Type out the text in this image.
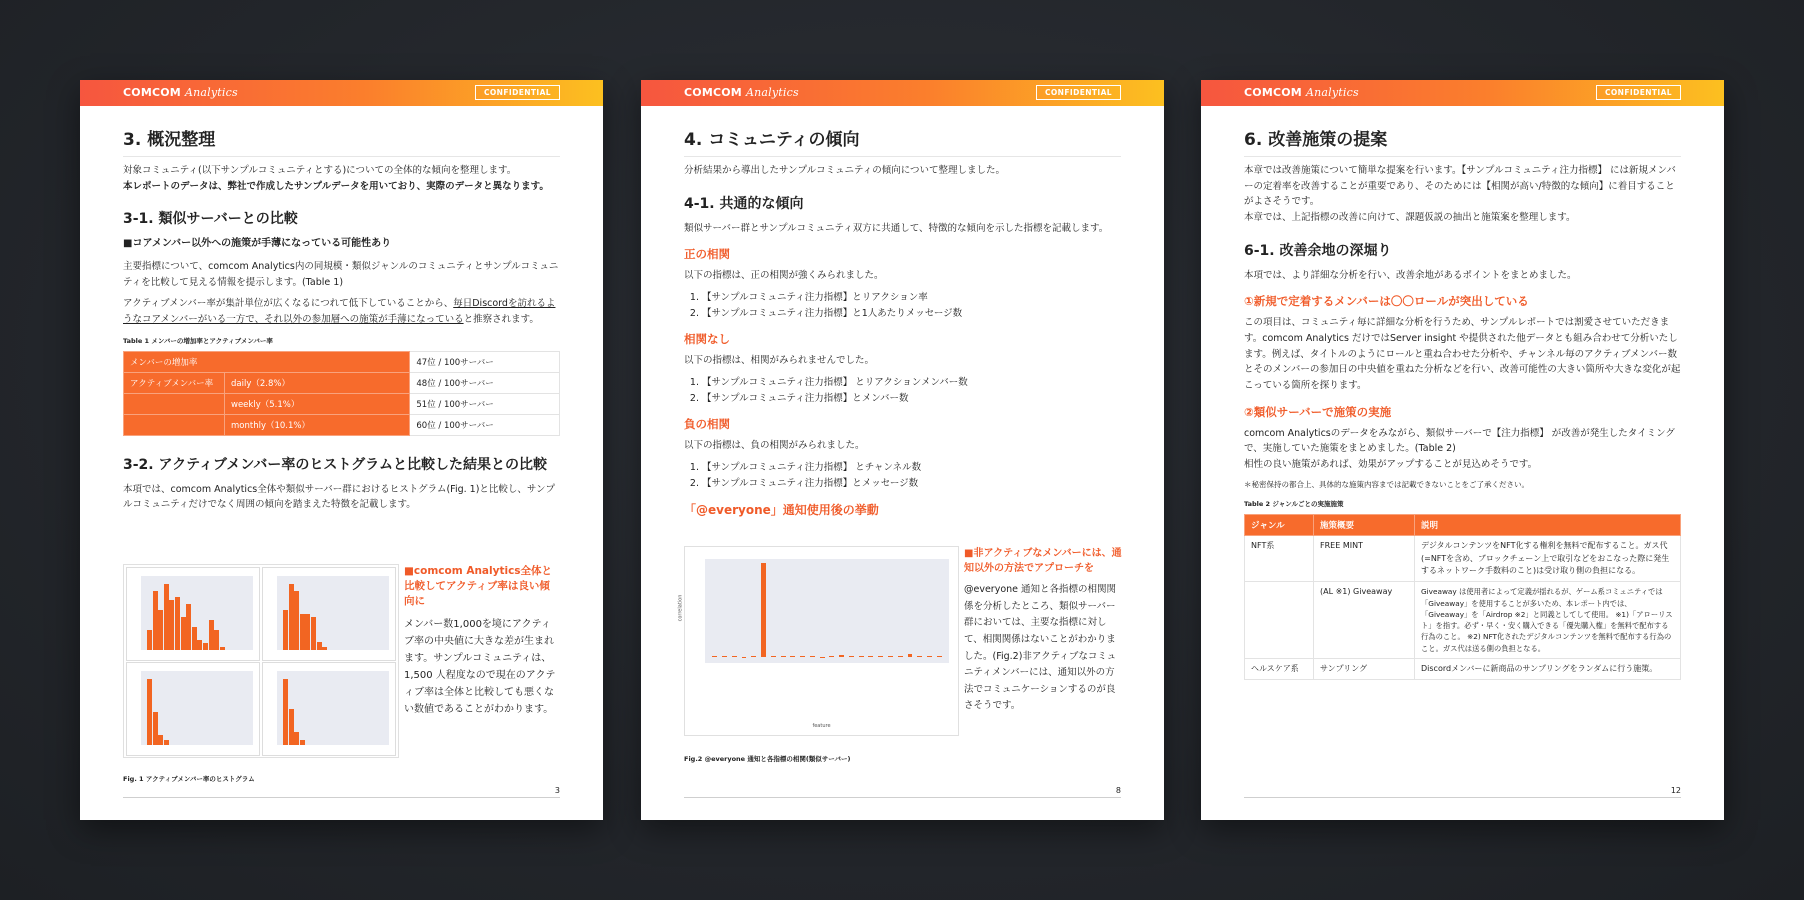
COMCOM Analytics	CONFIDENTIAL
3. 概況整理

対象コミュニティ(以下サンプルコミュニティとする)についての全体的な傾向を整理します。
本レポートのデータは、弊社で作成したサンプルデータを用いており、実際のデータと異なります。

3-1. 類似サーバーとの比較

■コアメンバー以外への施策が手薄になっている可能性あり

主要指標について、comcom Analytics内の同規模・類似ジャンルのコミュニティとサンプルコミュニティを比較して見える情報を提示します。(Table 1)

アクティブメンバー率が集計単位が広くなるにつれて低下していることから、毎日Discordを訪れるようなコアメンバーがいる一方で、それ以外の参加層への施策が手薄になっていると推察されます。

Table 1 メンバーの増加率とアクティブメンバー率
メンバーの増加率		47位 / 100サーバー
アクティブメンバー率	daily（2.8%）	48位 / 100サーバー
	weekly（5.1%）	51位 / 100サーバー
	monthly（10.1%）	60位 / 100サーバー
3-2. アクティブメンバー率のヒストグラムと比較した結果との比較

本項では、comcom Analytics全体や類似サーバー群におけるヒストグラム(Fig. 1)と比較し、サンプルコミュニティだけでなく周囲の傾向を踏まえた特徴を記載します。

■comcom Analytics全体と比較してアクティブ率は良い傾向に

メンバー数1,000を境にアクティブ率の中央値に大きな差が生まれます。サンプルコミュニティは、1,500 人程度なので現在のアクティブ率は全体と比較しても悪くない数値であることがわかります。

Fig. 1 アクティブメンバー率のヒストグラム
3
COMCOM Analytics	CONFIDENTIAL
4. コミュニティの傾向

分析結果から導出したサンプルコミュニティの傾向について整理しました。

4-1. 共通的な傾向

類似サーバー群とサンプルコミュニティ双方に共通して、特徴的な傾向を示した指標を記載します。

正の相関

以下の指標は、正の相関が強くみられました。

1. 【サンプルコミュニティ注力指標】とリアクション率
2. 【サンプルコミュニティ注力指標】と1人あたりメッセージ数
相関なし

以下の指標は、相関がみられませんでした。

1. 【サンプルコミュニティ注力指標】 とリアクションメンバー数
2. 【サンプルコミュニティ注力指標】とメンバー数
負の相関

以下の指標は、負の相関がみられました。

1. 【サンプルコミュニティ注力指標】 とチャンネル数
2. 【サンプルコミュニティ注力指標】とメッセージ数
「@everyone」通知使用後の挙動
feature
correlation

■非アクティブなメンバーには、通知以外の方法でアプローチを

@everyone 通知と各指標の相関関係を分析したところ、類似サーバー群においては、主要な指標に対して、相関関係はないことがわかりました。(Fig.2)非アクティブなコミュニティメンバーには、通知以外の方法でコミュニケーションするのが良さそうです。

Fig.2 @everyone 通知と各指標の相関(類似サーバー)
8
COMCOM Analytics	CONFIDENTIAL
6. 改善施策の提案

本章では改善施策について簡単な提案を行います。【サンプルコミュニティ注力指標】 には新規メンバーの定着率を改善することが重要であり、そのためには【相関が高い/特徴的な傾向】に着目することがよさそうです。
本章では、上記指標の改善に向けて、課題仮説の抽出と施策案を整理します。

6-1. 改善余地の深堀り

本項では、より詳細な分析を行い、改善余地があるポイントをまとめました。

①新規で定着するメンバーは〇〇ロールが突出している

この項目は、コミュニティ毎に詳細な分析を行うため、サンプルレポートでは割愛させていただきます。comcom Analytics だけではServer insight や提供された他データとも組み合わせて分析いたします。例えば、タイトルのようにロールと重ね合わせた分析や、チャンネル毎のアクティブメンバー数とそのメンバーの参加日の中央値を重ねた分析などを行い、改善可能性の大きい箇所や大きな変化が起こっている箇所を探ります。

②類似サーバーで施策の実施

comcom Analyticsのデータをみながら、類似サーバーで【注力指標】 が改善が発生したタイミングで、実施していた施策をまとめました。(Table 2)
相性の良い施策があれば、効果がアップすることが見込めそうです。

＊秘密保持の都合上、具体的な施策内容までは記載できないことをご了承ください。

Table 2 ジャンルごとの実施施策
ジャンル	施策概要	説明
NFT系	FREE MINT	デジタルコンテンツをNFT化する権利を無料で配布すること。ガス代(=NFTを含め、ブロックチェーン上で取引などをおこなった際に発生するネットワーク手数料のこと)は受け取り側の負担になる。
	(AL ※1) Giveaway	Giveaway は使用者によって定義が揺れるが、ゲーム系コミュニティでは「Giveaway」を使用することが多いため、本レポート内では、「Giveaway」を「Airdrop ※2」と同義としてして使用。 ※1)「アローリスト」を指す。必ず・早く・安く購入できる「優先購入権」を無料で配布する行為のこと。 ※2) NFT化されたデジタルコンテンツを無料で配布する行為のこと。ガス代は送る側の負担となる。
ヘルスケア系	サンプリング	Discordメンバーに新商品のサンプリングをランダムに行う施策。
12
